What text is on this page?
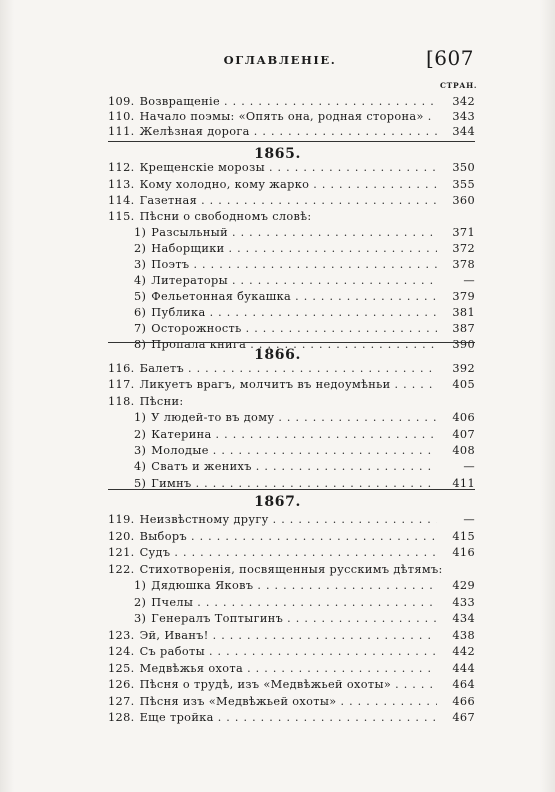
ОГЛАВЛЕНІЕ.	[607
СТРАН.
109. Возвращеніе . . .	342
110. Начало поэмы: «Опять она, родная сторона» . . .	343
111. Желѣзная дорога . . .	344
1865.
112. Крещенскіе морозы . . .	350
113. Кому холодно, кому жарко . . .	355
114. Газетная . . .	360
115. Пѣсни о свободномъ словѣ:
1) Разсыльный . . .	371
2) Наборщики . . .	372
3) Поэтъ . . .	378
4) Литераторы . . .	—
5) Фельетонная букашка . . .	379
6) Публика . . .	381
7) Осторожность . . .	387
8) Пропала книга . . .	390
1866.
116. Балетъ . . .	392
117. Ликуетъ врагъ, молчитъ въ недоумѣньи . . .	405
118. Пѣсни:
1) У людей-то въ дому . . .	406
2) Катерина . . .	407
3) Молодые . . .	408
4) Сватъ и женихъ . . .	—
5) Гимнъ . . .	411
1867.
119. Неизвѣстному другу . . .	—
120. Выборъ . . .	415
121. Судъ . . .	416
122. Стихотворенія, посвященныя русскимъ дѣтямъ:
1) Дядюшка Яковъ . . .	429
2) Пчелы . . .	433
3) Генералъ Топтыгинъ . . .	434
123. Эй, Иванъ! . . .	438
124. Съ работы . . .	442
125. Медвѣжья охота . . .	444
126. Пѣсня о трудѣ, изъ «Медвѣжьей охоты» . . .	464
127. Пѣсня изъ «Медвѣжьей охоты» . . .	466
128. Еще тройка . . .	467
